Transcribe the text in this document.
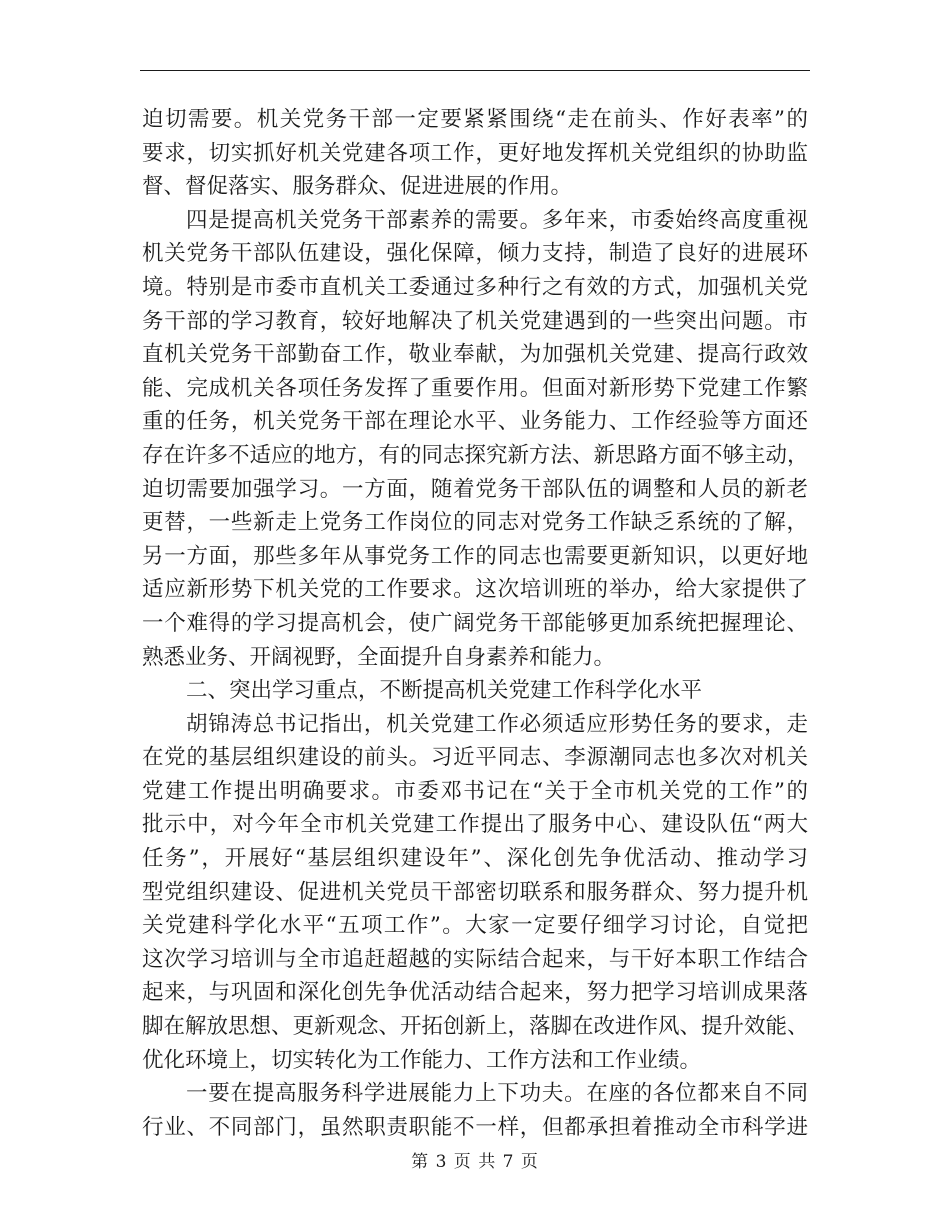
迫切需要。机关党务干部一定要紧紧围绕“走在前头、作好表率”的
要求，切实抓好机关党建各项工作，更好地发挥机关党组织的协助监
督、督促落实、服务群众、促进进展的作用。
四是提高机关党务干部素养的需要。多年来，市委始终高度重视
机关党务干部队伍建设，强化保障，倾力支持，制造了良好的进展环
境。特别是市委市直机关工委通过多种行之有效的方式，加强机关党
务干部的学习教育，较好地解决了机关党建遇到的一些突出问题。市
直机关党务干部勤奋工作，敬业奉献，为加强机关党建、提高行政效
能、完成机关各项任务发挥了重要作用。但面对新形势下党建工作繁
重的任务，机关党务干部在理论水平、业务能力、工作经验等方面还
存在许多不适应的地方，有的同志探究新方法、新思路方面不够主动，
迫切需要加强学习。一方面，随着党务干部队伍的调整和人员的新老
更替，一些新走上党务工作岗位的同志对党务工作缺乏系统的了解，
另一方面，那些多年从事党务工作的同志也需要更新知识，以更好地
适应新形势下机关党的工作要求。这次培训班的举办，给大家提供了
一个难得的学习提高机会，使广阔党务干部能够更加系统把握理论、
熟悉业务、开阔视野，全面提升自身素养和能力。
二、突出学习重点，不断提高机关党建工作科学化水平
胡锦涛总书记指出，机关党建工作必须适应形势任务的要求，走
在党的基层组织建设的前头。习近平同志、李源潮同志也多次对机关
党建工作提出明确要求。市委邓书记在“关于全市机关党的工作”的
批示中，对今年全市机关党建工作提出了服务中心、建设队伍“两大
任务”，开展好“基层组织建设年”、深化创先争优活动、推动学习
型党组织建设、促进机关党员干部密切联系和服务群众、努力提升机
关党建科学化水平“五项工作”。大家一定要仔细学习讨论，自觉把
这次学习培训与全市追赶超越的实际结合起来，与干好本职工作结合
起来，与巩固和深化创先争优活动结合起来，努力把学习培训成果落
脚在解放思想、更新观念、开拓创新上，落脚在改进作风、提升效能、
优化环境上，切实转化为工作能力、工作方法和工作业绩。
一要在提高服务科学进展能力上下功夫。在座的各位都来自不同
行业、不同部门，虽然职责职能不一样，但都承担着推动全市科学进
第 3 页 共 7 页
